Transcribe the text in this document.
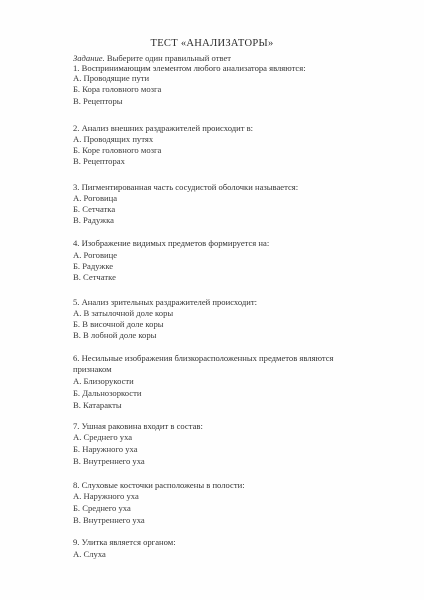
ТЕСТ «АНАЛИЗАТОРЫ»
Задание. Выберите один правильный ответ
1. Воспринимающим элементом любого анализатора являются:
А. Проводящие пути
Б. Кора головного мозга
В. Рецепторы
2. Анализ внешних раздражителей происходит в:
А. Проводящих путях
Б. Коре головного мозга
В. Рецепторах
3. Пигментированная часть сосудистой оболочки называется:
А. Роговица
Б. Сетчатка
В. Радужка
4. Изображение видимых предметов формируется на:
А. Роговице
Б. Радужке
В. Сетчатке
5. Анализ зрительных раздражителей происходит:
А. В затылочной доле коры
Б. В височной доле коры
В. В лобной доле коры
6. Несильные изображения близкорасположенных предметов являются
признаком
А. Близорукости
Б. Дальнозоркости
В. Катаракты
7. Ушная раковина входит в состав:
А. Среднего уха
Б. Наружного уха
В. Внутреннего уха
8. Слуховые косточки расположены в полости:
А. Наружного уха
Б. Среднего уха
В. Внутреннего уха
9. Улитка является органом:
А. Слуха
